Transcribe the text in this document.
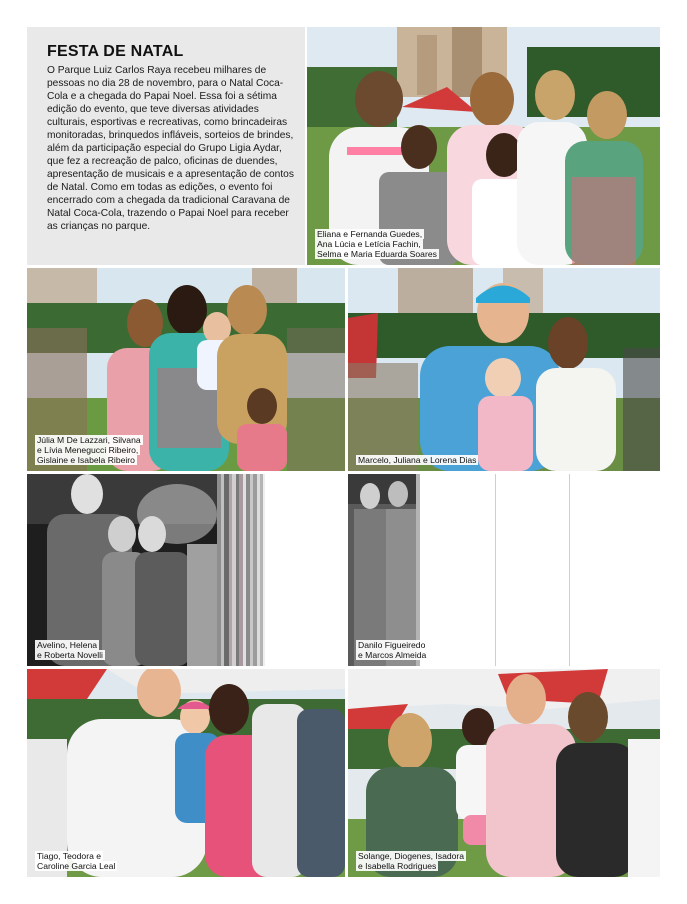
FESTA DE NATAL

O Parque Luiz Carlos Raya recebeu milhares de pessoas no dia 28 de novembro, para o Natal Coca-Cola e a chegada do Papai Noel. Essa foi a sétima edição do evento, que teve diversas atividades culturais, esportivas e recreativas, como brincadeiras monitoradas, brinquedos infláveis, sorteios de brindes, além da participação especial do Grupo Ligia Aydar, que fez a recreação de palco, oficinas de duendes, apresentação de musicais e a apresentação de contos de Natal. Como em todas as edições, o evento foi encerrado com a chegada da tradicional Caravana de Natal Coca-Cola, trazendo o Papai Noel para receber as crianças no parque.

Eliana e Fernanda Guedes,
Ana Lúcia e Letícia Fachin,
Selma e Maria Eduarda Soares
Júlia M De Lazzari, Silvana
e Lívia Menegucci Ribeiro,
Gislaine e Isabela Ribeiro	Marcelo, Juliana e Lorena Dias
Avelino, Helena
e Roberta Novelli
Danilo Figueiredo
e Marcos Almeida
Tiago, Teodora e
Caroline Garcia Leal
Solange, Diogenes, Isadora
e Isabella Rodrigues
